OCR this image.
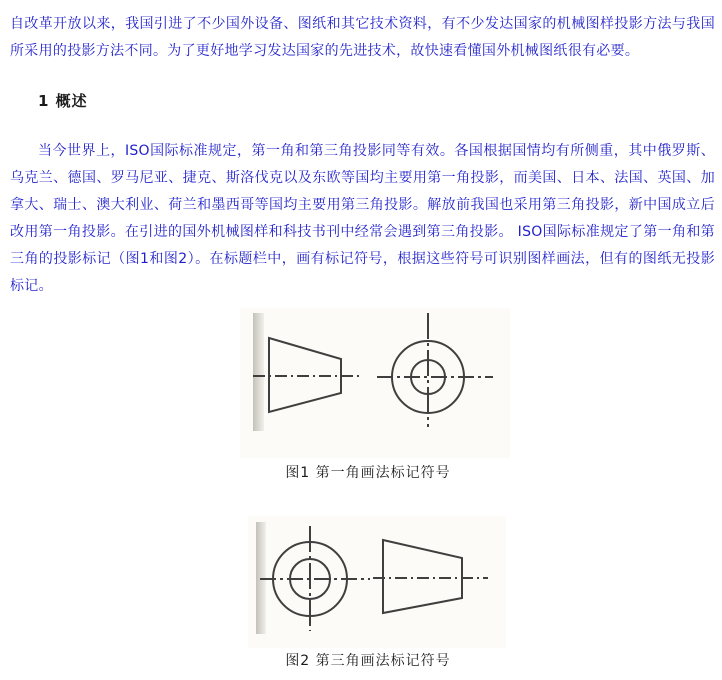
自改革开放以来，我国引进了不少国外设备、图纸和其它技术资料，有不少发达国家的机械图样投影方法与我国所采用的投影方法不同。为了更好地学习发达国家的先进技术，故快速看懂国外机械图纸很有必要。

1 概述

当今世界上，ISO国际标准规定，第一角和第三角投影同等有效。各国根据国情均有所侧重，其中俄罗斯、乌克兰、德国、罗马尼亚、捷克、斯洛伐克以及东欧等国均主要用第一角投影，而美国、日本、法国、英国、加拿大、瑞士、澳大利业、荷兰和墨西哥等国均主要用第三角投影。解放前我国也采用第三角投影，新中国成立后改用第一角投影。在引进的国外机械图样和科技书刊中经常会遇到第三角投影。 ISO国际标准规定了第一角和第三角的投影标记（图1和图2）。在标题栏中，画有标记符号，根据这些符号可识别图样画法，但有的图纸无投影标记。

图1 第一角画法标记符号
图2 第三角画法标记符号
